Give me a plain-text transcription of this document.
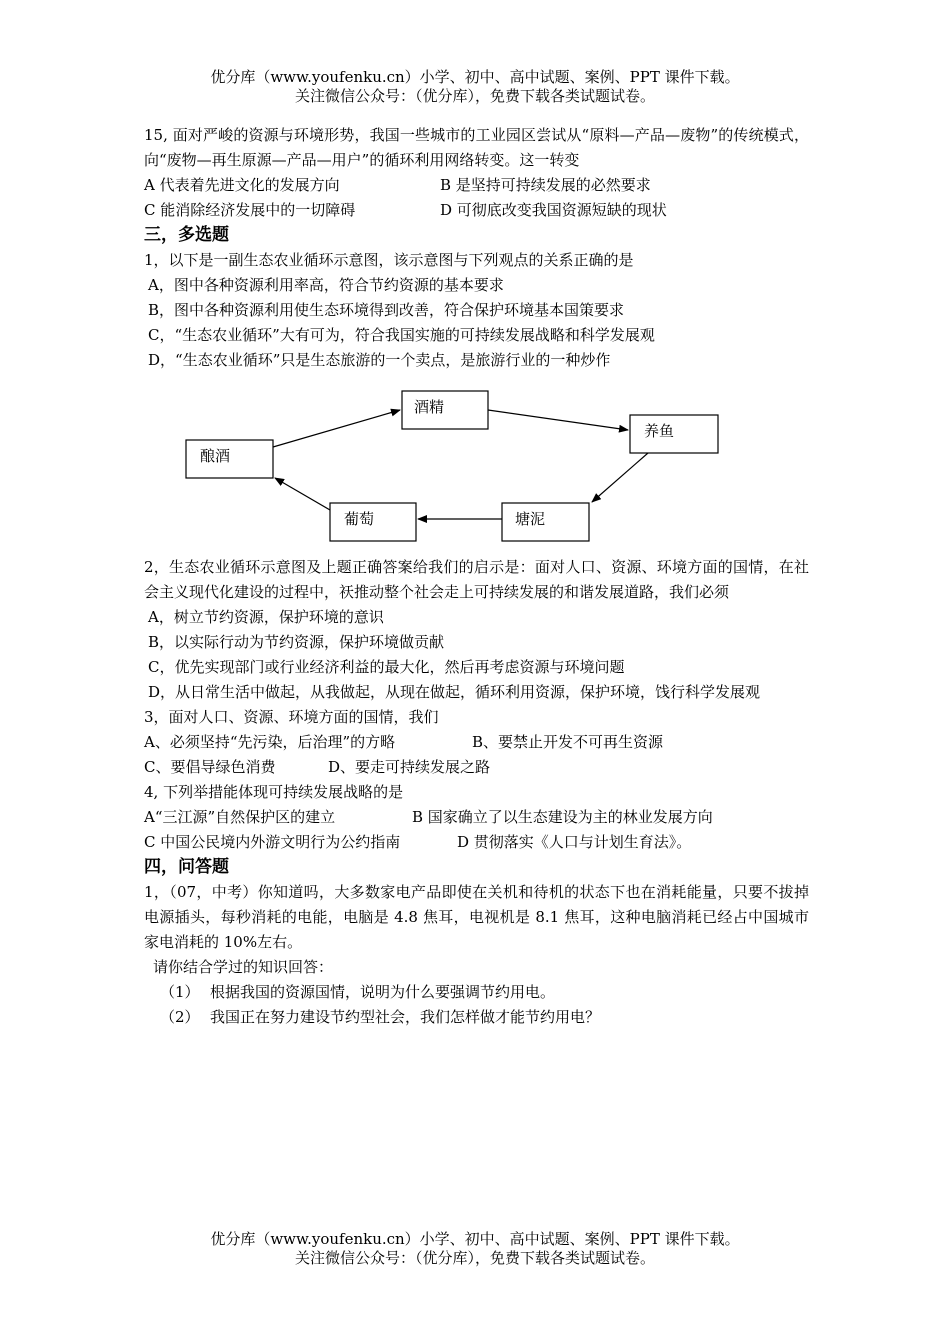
优分库（www.youfenku.cn）小学、初中、高中试题、案例、PPT 课件下载。
关注微信公众号：（优分库），免费下载各类试题试卷。

15, 面对严峻的资源与环境形势，我国一些城市的工业园区尝试从“原料—产品—废物”的传统模式，向“废物—再生原源—产品—用户”的循环利用网络转变。这一转变

A 代表着先进文化的发展方向	B 是坚持可持续发展的必然要求
C 能消除经济发展中的一切障碍	D 可彻底改变我国资源短缺的现状

三，多选题

1，以下是一副生态农业循环示意图，该示意图与下列观点的关系正确的是

A，图中各种资源利用率高，符合节约资源的基本要求

B，图中各种资源利用使生态环境得到改善，符合保护环境基本国策要求

C，“生态农业循环”大有可为，符合我国实施的可持续发展战略和科学发展观

D，“生态农业循环”只是生态旅游的一个卖点，是旅游行业的一种炒作

酒精
养鱼
酿酒
葡萄	塘泥

2，生态农业循环示意图及上题正确答案给我们的启示是：面对人口、资源、环境方面的国情，在社会主义现代化建设的过程中，祆推动整个社会走上可持续发展的和谐发展道路，我们必须

A，树立节约资源，保护环境的意识

B，以实际行动为节约资源，保护环境做贡献

C，优先实现部门或行业经济利益的最大化，然后再考虑资源与环境问题

D，从日常生活中做起，从我做起，从现在做起，循环利用资源，保护环境，饯行科学发展观

3，面对人口、资源、环境方面的国情，我们

A、必须坚持“先污染，后治理”的方略	B、要禁止开发不可再生资源
C、要倡导绿色消费	D、要走可持续发展之路

4, 下列举措能体现可持续发展战略的是

A“三江源”自然保护区的建立	B 国家确立了以生态建设为主的林业发展方向
C 中国公民境内外游文明行为公约指南	D 贯彻落实《人口与计划生育法》。

四，问答题

1，（07，中考）你知道吗，大多数家电产品即使在关机和待机的状态下也在消耗能量，只要不拔掉电源插头，每秒消耗的电能，电脑是 4.8 焦耳，电视机是 8.1 焦耳，这种电脑消耗已经占中国城市家电消耗的 10%左右。

请你结合学过的知识回答：

（1） 根据我国的资源国情，说明为什么要强调节约用电。

（2） 我国正在努力建设节约型社会，我们怎样做才能节约用电？

优分库（www.youfenku.cn）小学、初中、高中试题、案例、PPT 课件下载。
关注微信公众号：（优分库），免费下载各类试题试卷。
